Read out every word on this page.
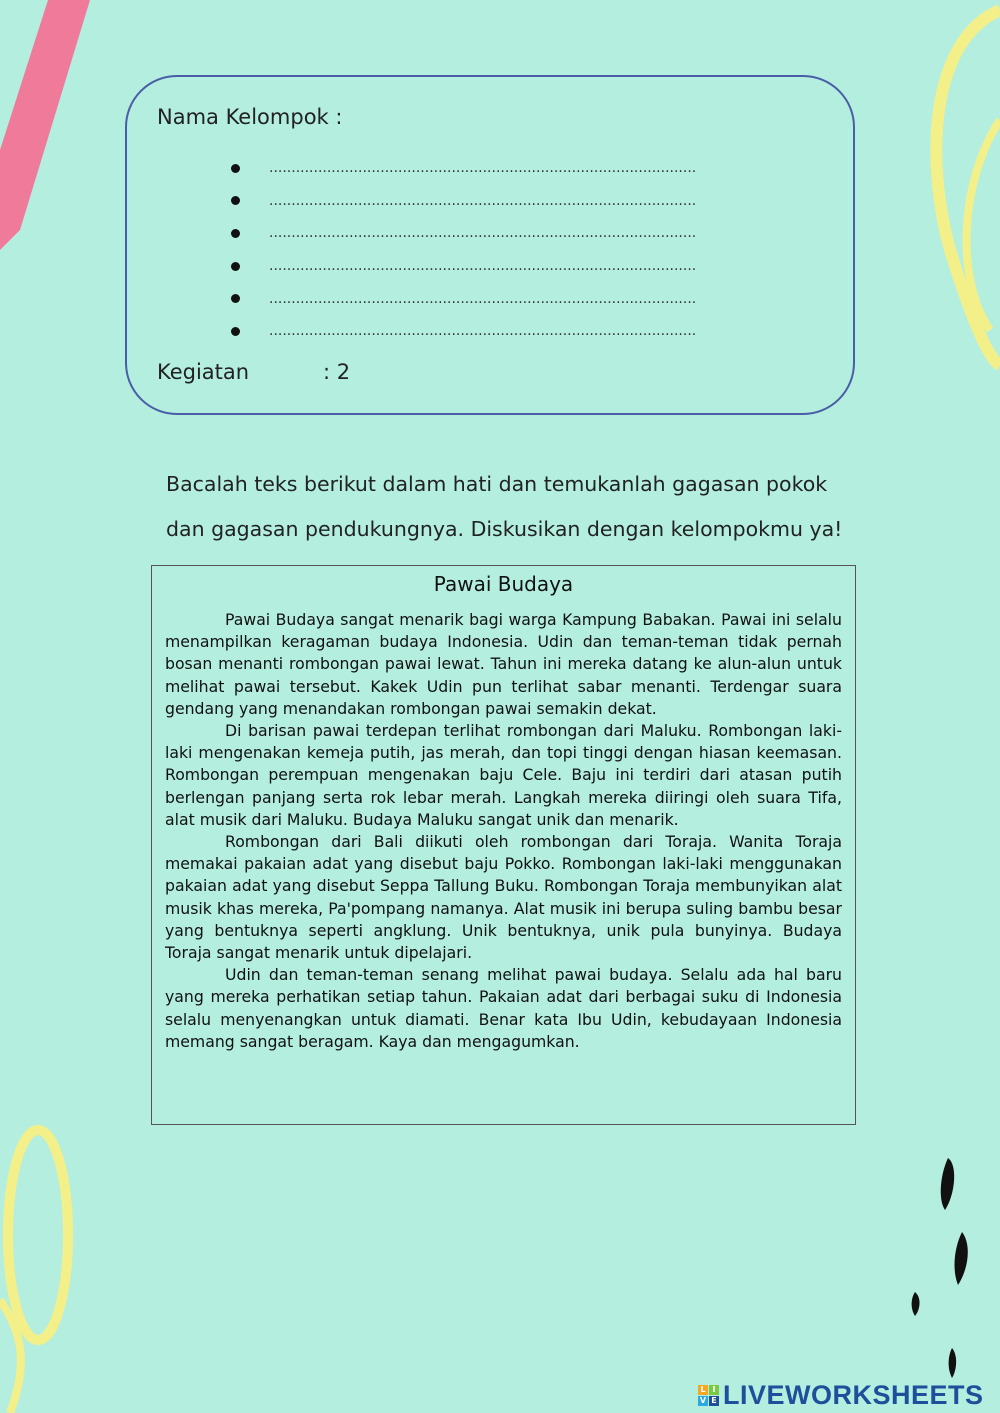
Nama Kelompok :
................................................................................................
................................................................................................
................................................................................................
................................................................................................
................................................................................................
................................................................................................
Kegiatan	: 2

Bacalah teks berikut dalam hati dan temukanlah gagasan pokok dan gagasan pendukungnya. Diskusikan dengan kelompokmu ya!

Pawai Budaya

Pawai Budaya sangat menarik bagi warga Kampung Babakan. Pawai ini selalu menampilkan keragaman budaya Indonesia. Udin dan teman-teman tidak pernah bosan menanti rombongan pawai lewat. Tahun ini mereka datang ke alun-alun untuk melihat pawai tersebut. Kakek Udin pun terlihat sabar menanti. Terdengar suara gendang yang menandakan rombongan pawai semakin dekat.

Di barisan pawai terdepan terlihat rombongan dari Maluku. Rombongan laki-laki mengenakan kemeja putih, jas merah, dan topi tinggi dengan hiasan keemasan. Rombongan perempuan mengenakan baju Cele. Baju ini terdiri dari atasan putih berlengan panjang serta rok lebar merah. Langkah mereka diiringi oleh suara Tifa, alat musik dari Maluku. Budaya Maluku sangat unik dan menarik.

Rombongan dari Bali diikuti oleh rombongan dari Toraja. Wanita Toraja memakai pakaian adat yang disebut baju Pokko. Rombongan laki-laki menggunakan pakaian adat yang disebut Seppa Tallung Buku. Rombongan Toraja membunyikan alat musik khas mereka, Pa'pompang namanya. Alat musik ini berupa suling bambu besar yang bentuknya seperti angklung. Unik bentuknya, unik pula bunyinya. Budaya Toraja sangat menarik untuk dipelajari.

Udin dan teman-teman senang melihat pawai budaya. Selalu ada hal baru yang mereka perhatikan setiap tahun. Pakaian adat dari berbagai suku di Indonesia selalu menyenangkan untuk diamati. Benar kata Ibu Udin, kebudayaan Indonesia memang sangat beragam. Kaya dan mengagumkan.

L I
V E LIVEWORKSHEETS
